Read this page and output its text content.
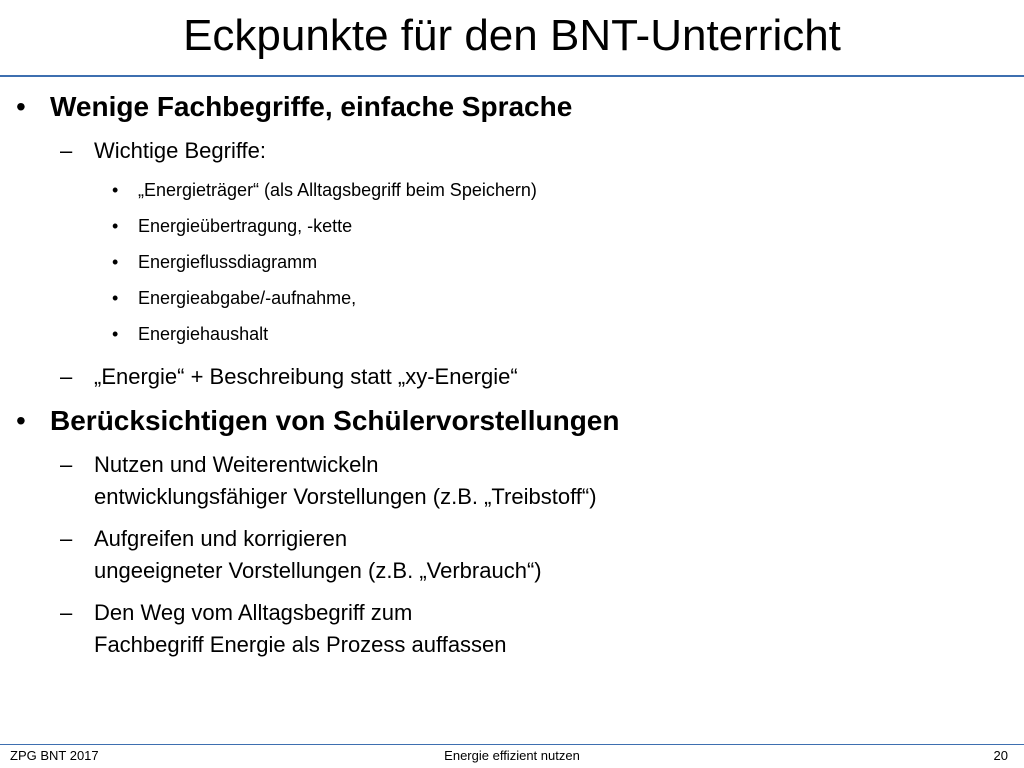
Eckpunkte für den BNT-Unterricht
• Wenige Fachbegriffe, einfache Sprache
– Wichtige Begriffe:
• „Energieträger“ (als Alltagsbegriff beim Speichern)
• Energieübertragung, -kette
• Energieflussdiagramm
• Energieabgabe/-aufnahme,
• Energiehaushalt
– „Energie“ + Beschreibung statt „xy-Energie“
• Berücksichtigen von Schülervorstellungen
– Nutzen und Weiterentwickeln
entwicklungsfähiger Vorstellungen (z.B. „Treibstoff“)
– Aufgreifen und korrigieren
ungeeigneter Vorstellungen (z.B. „Verbrauch“)
– Den Weg vom Alltagsbegriff zum
Fachbegriff Energie als Prozess auffassen
ZPG BNT 2017	Energie effizient nutzen	20
